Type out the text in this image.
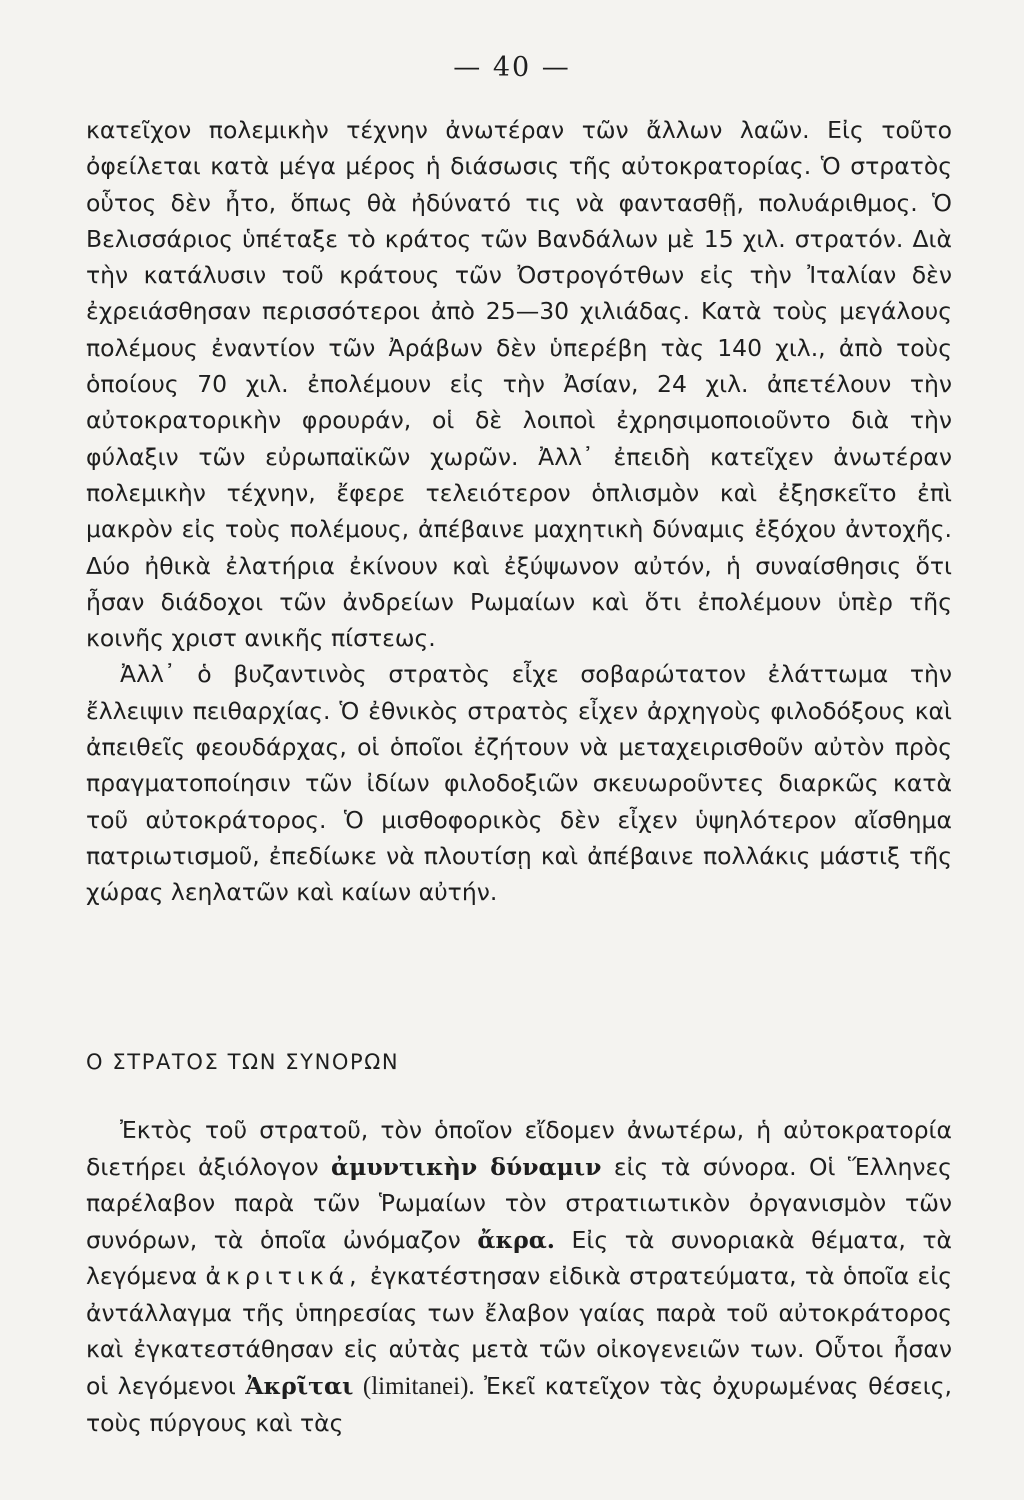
— 40 —

κατεῖχον πολεμικὴν τέχνην ἀνωτέραν τῶν ἄλλων λαῶν. Εἰς τοῦτο ὀφείλεται κατὰ μέγα μέρος ἡ διάσωσις τῆς αὐτοκρατορίας. Ὁ στρατὸς οὗτος δὲν ἦτο, ὅπως θὰ ἠδύνατό τις νὰ φαντασθῇ, πολυάριθμος. Ὁ Βελισσάριος ὑπέταξε τὸ κράτος τῶν Βανδάλων μὲ 15 χιλ. στρατόν. Διὰ τὴν κατάλυσιν τοῦ κράτους τῶν Ὀστρογότθων εἰς τὴν Ἰταλίαν δὲν ἐχρειάσθησαν περισσότεροι ἀπὸ 25—30 χιλιάδας. Κατὰ τοὺς μεγάλους πολέμους ἐναντίον τῶν Ἀράβων δὲν ὑπερέβη τὰς 140 χιλ., ἀπὸ τοὺς ὁποίους 70 χιλ. ἐπολέμουν εἰς τὴν Ἀσίαν, 24 χιλ. ἀπετέλουν τὴν αὐτοκρατορικὴν φρουράν, οἱ δὲ λοιποὶ ἐχρησιμοποιοῦντο διὰ τὴν φύλαξιν τῶν εὐρωπαϊκῶν χωρῶν. Ἀλλ᾽ ἐπειδὴ κατεῖχεν ἀνωτέραν πολεμικὴν τέχνην, ἔφερε τελειότερον ὁπλισμὸν καὶ ἐξησκεῖτο ἐπὶ μακρὸν εἰς τοὺς πολέμους, ἀπέβαινε μαχητικὴ δύναμις ἐξόχου ἀντοχῆς. Δύο ἠθικὰ ἐλατήρια ἐκίνουν καὶ ἐξύψωνον αὐτόν, ἡ συναίσθησις ὅτι ἦσαν διάδοχοι τῶν ἀνδρείων Ρωμαίων καὶ ὅτι ἐπολέμουν ὑπὲρ τῆς κοινῆς χριστ ανικῆς πίστεως.

Ἀλλ᾽ ὁ βυζαντινὸς στρατὸς εἶχε σοβαρώτατον ἐλάττωμα τὴν ἔλλειψιν πειθαρχίας. Ὁ ἐθνικὸς στρατὸς εἶχεν ἀρχηγοὺς φιλοδόξους καὶ ἀπειθεῖς φεουδάρχας, οἱ ὁποῖοι ἐζήτουν νὰ μεταχειρισθοῦν αὐτὸν πρὸς πραγματοποίησιν τῶν ἰδίων φιλοδοξιῶν σκευωροῦντες διαρκῶς κατὰ τοῦ αὐτοκράτορος. Ὁ μισθοφορικὸς δὲν εἶχεν ὑψηλότερον αἴσθημα πατριωτισμοῦ, ἐπεδίωκε νὰ πλουτίσῃ καὶ ἀπέβαινε πολλάκις μάστιξ τῆς χώρας λεηλατῶν καὶ καίων αὐτήν.

Ο ΣΤΡΑΤΟΣ ΤΩΝ ΣΥΝΟΡΩΝ

Ἐκτὸς τοῦ στρατοῦ, τὸν ὁποῖον εἴδομεν ἀνωτέρω, ἡ αὐτοκρατορία διετήρει ἀξιόλογον ἀμυντικὴν δύναμιν εἰς τὰ σύνορα. Οἱ Ἕλληνες παρέλαβον παρὰ τῶν Ῥωμαίων τὸν στρατιωτικὸν ὀργανισμὸν τῶν συνόρων, τὰ ὁποῖα ὠνόμαζον ἄκρα. Εἰς τὰ συνοριακὰ θέματα, τὰ λεγόμενα ἀκριτικά, ἐγκατέστησαν εἰδικὰ στρατεύματα, τὰ ὁποῖα εἰς ἀντάλλαγμα τῆς ὑπηρεσίας των ἔλαβον γαίας παρὰ τοῦ αὐτοκράτορος καὶ ἐγκατεστάθησαν εἰς αὐτὰς μετὰ τῶν οἰκογενειῶν των. Οὗτοι ἦσαν οἱ λεγόμενοι Ἀκρῖται (limitanei). Ἐκεῖ κατεῖχον τὰς ὀχυρωμένας θέσεις, τοὺς πύργους καὶ τὰς
